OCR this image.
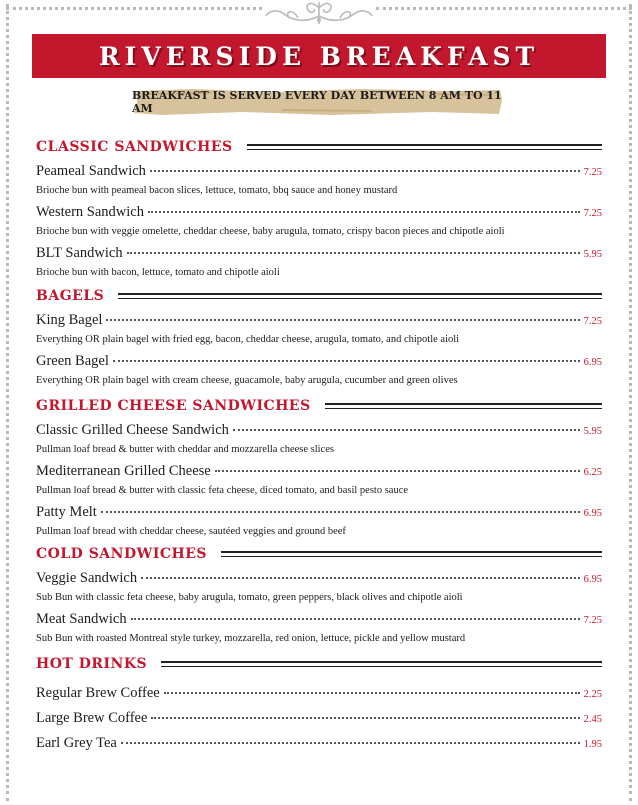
RIVERSIDE BREAKFAST
BREAKFAST IS SERVED EVERY DAY BETWEEN 8 AM TO 11 AM
CLASSIC SANDWICHES
Peameal Sandwich	7.25
Brioche bun with peameal bacon slices, lettuce, tomato, bbq sauce and honey mustard
Western Sandwich	7.25
Brioche bun with veggie omelette, cheddar cheese, baby arugula, tomato, crispy bacon pieces and chipotle aioli
BLT Sandwich	5.95
Brioche bun with bacon, lettuce, tomato and chipotle aioli
BAGELS
King Bagel	7.25
Everything OR plain bagel with fried egg, bacon, cheddar cheese, arugula, tomato, and chipotle aioli
Green Bagel	6.95
Everything OR plain bagel with cream cheese, guacamole, baby arugula, cucumber and green olives
GRILLED CHEESE SANDWICHES
Classic Grilled Cheese Sandwich	5.95
Pullman loaf bread & butter with cheddar and mozzarella cheese slices
Mediterranean Grilled Cheese	6.25
Pullman loaf bread & butter with classic feta cheese, diced tomato, and basil pesto sauce
Patty Melt	6.95
Pullman loaf bread with cheddar cheese, sautéed veggies and ground beef
COLD SANDWICHES
Veggie Sandwich	6.95
Sub Bun with classic feta cheese, baby arugula, tomato, green peppers, black olives and chipotle aioli
Meat Sandwich	7.25
Sub Bun with roasted Montreal style turkey, mozzarella, red onion, lettuce, pickle and yellow mustard
HOT DRINKS
Regular Brew Coffee	2.25
Large Brew Coffee	2.45
Earl Grey Tea	1.95
